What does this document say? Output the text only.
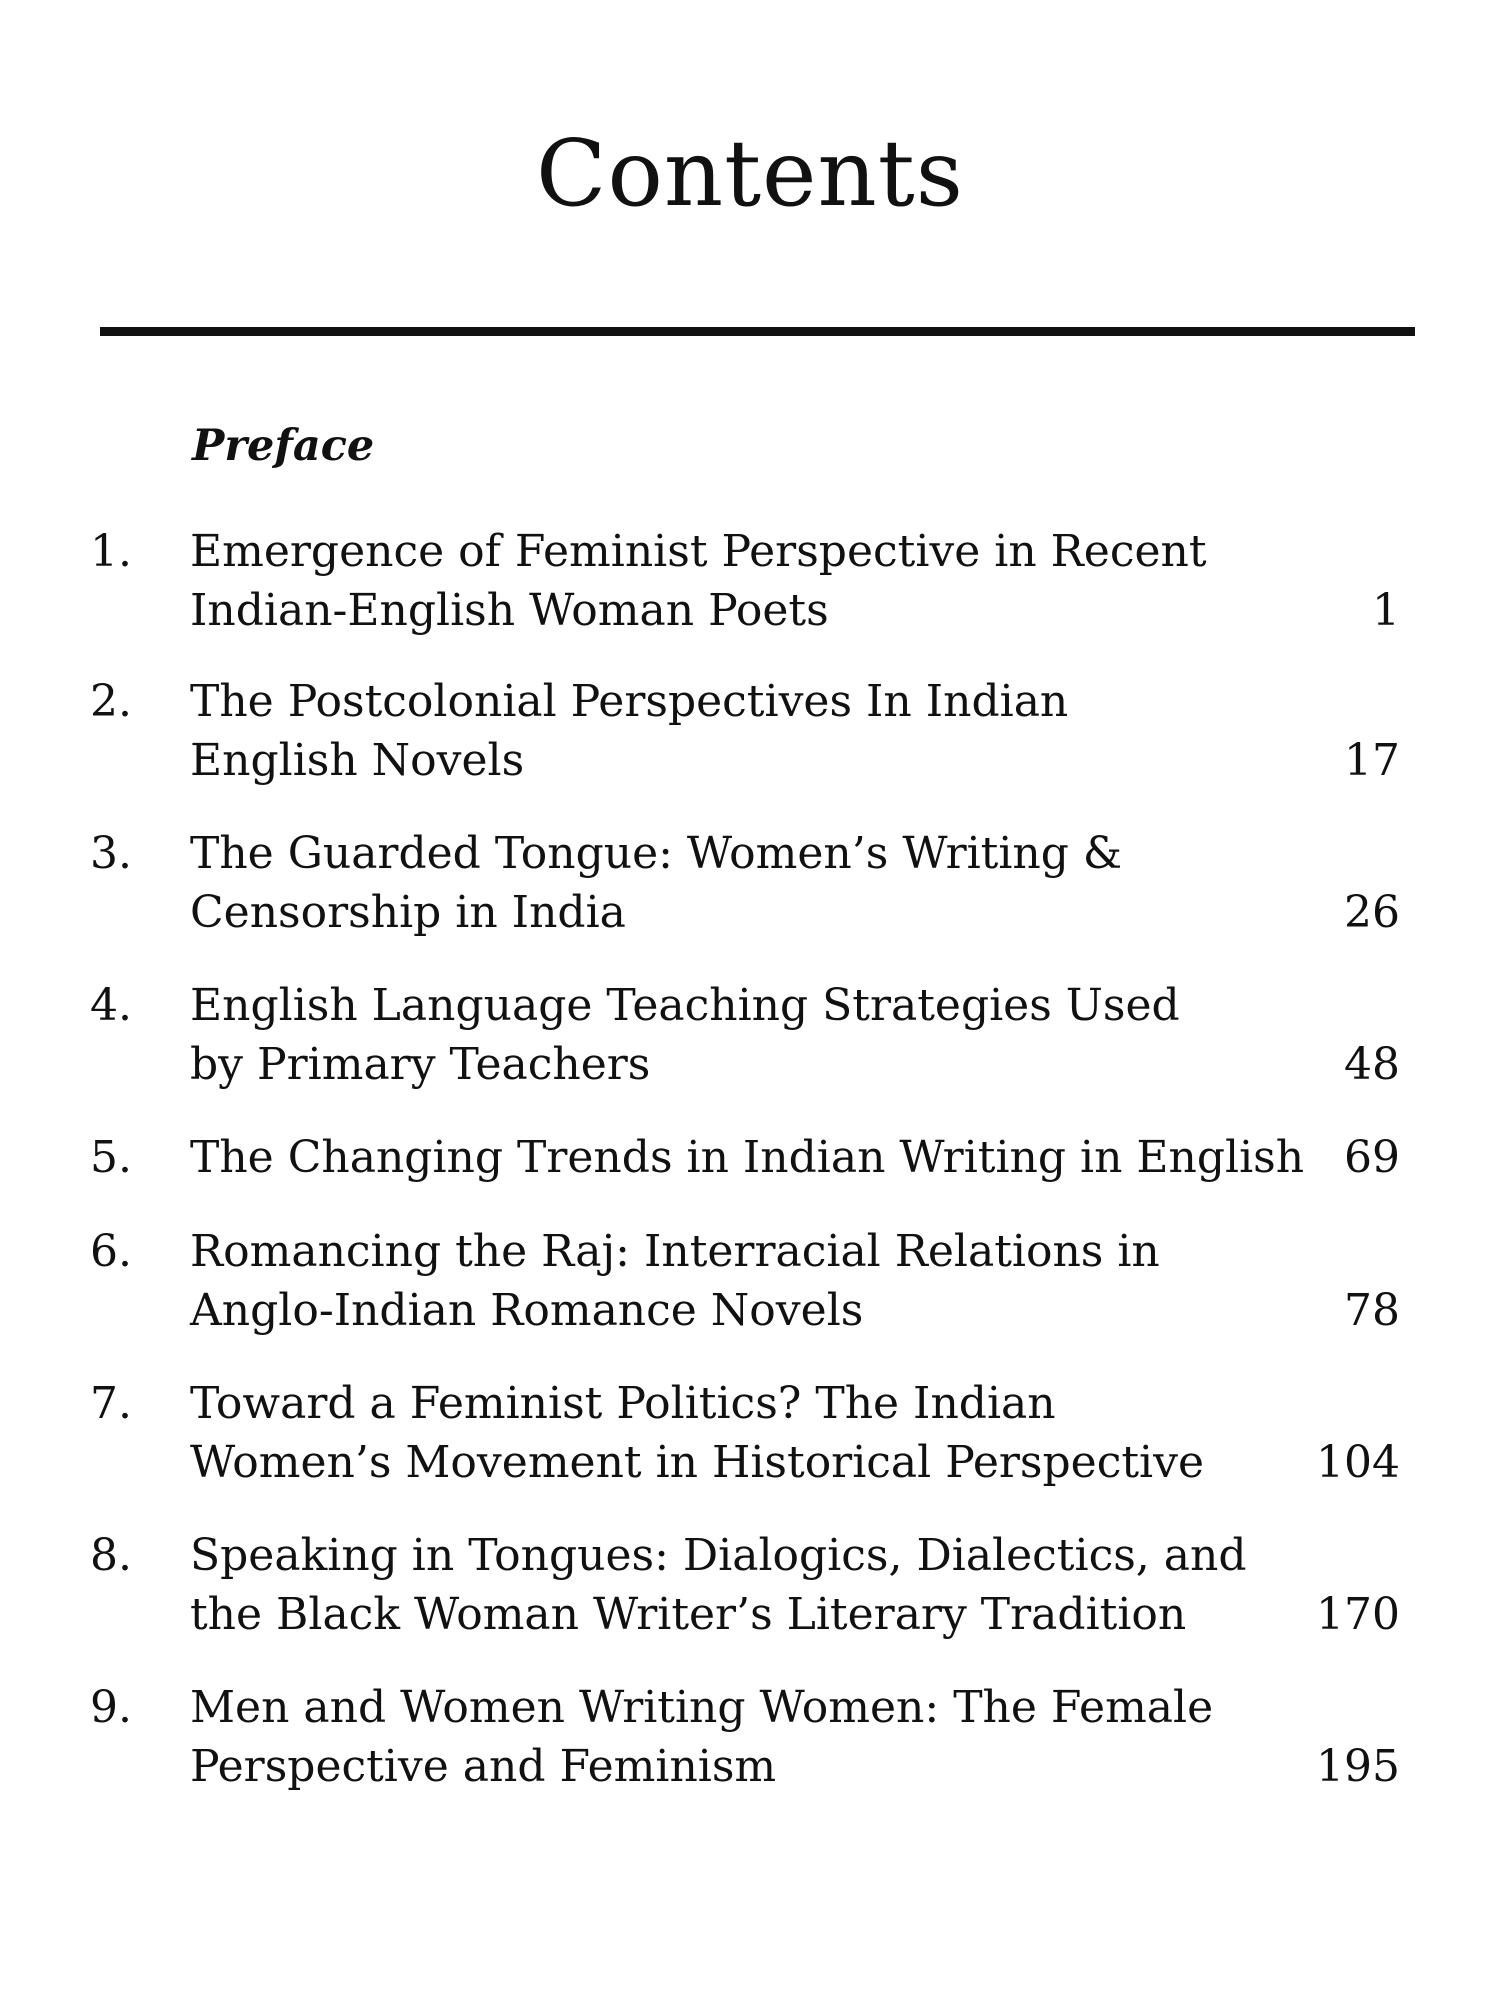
Contents
Preface
1.	Emergence of Feminist Perspective in Recent
Indian-English Woman Poets	1
2.	The Postcolonial Perspectives In Indian
English Novels	17
3.	The Guarded Tongue: Women’s Writing &
Censorship in India	26
4.	English Language Teaching Strategies Used
by Primary Teachers	48
5.	The Changing Trends in Indian Writing in English 69
6.	Romancing the Raj: Interracial Relations in
Anglo-Indian Romance Novels	78
7.	Toward a Feminist Politics? The Indian
Women’s Movement in Historical Perspective	104
8.	Speaking in Tongues: Dialogics, Dialectics, and
the Black Woman Writer’s Literary Tradition	170
9.	Men and Women Writing Women: The Female
Perspective and Feminism	195
